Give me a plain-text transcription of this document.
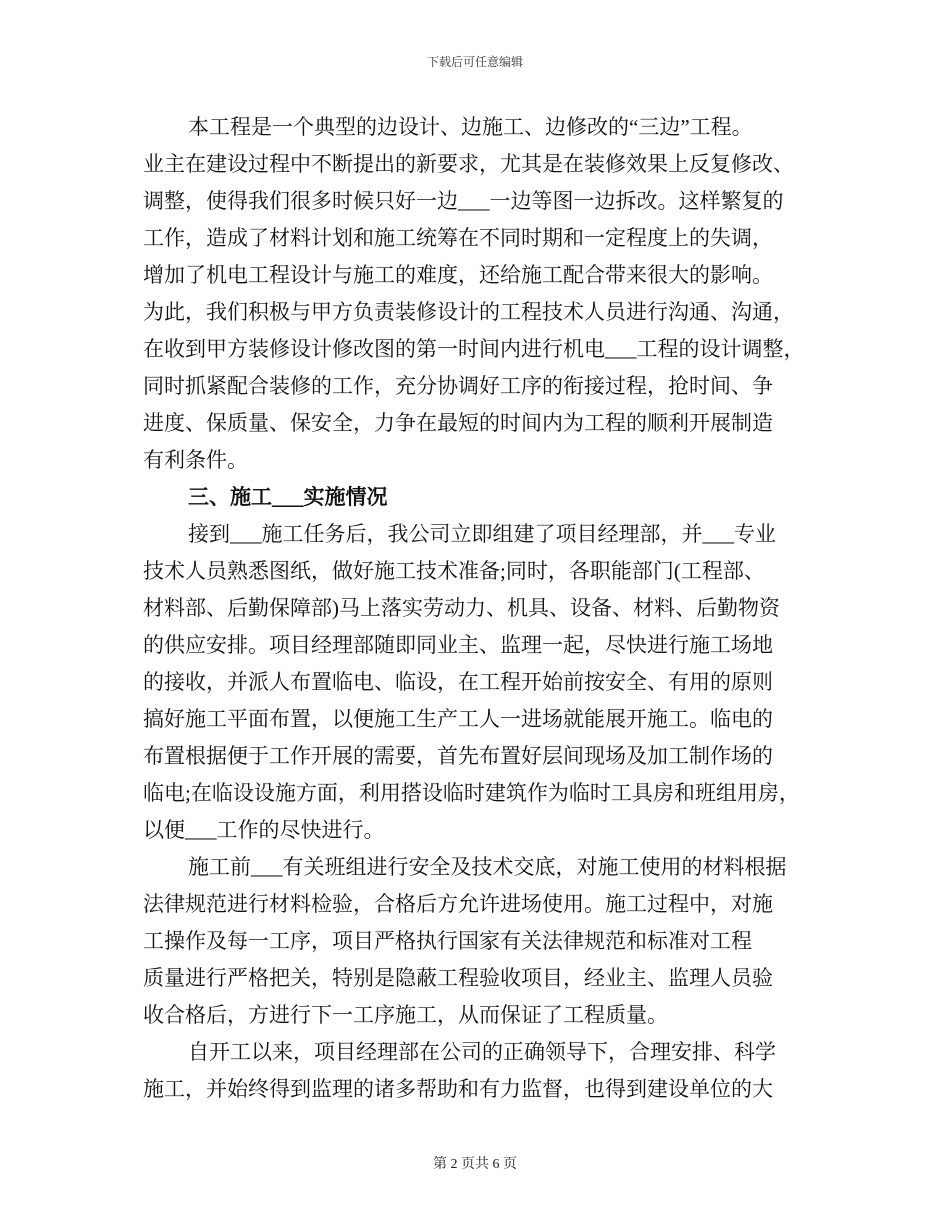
下载后可任意编辑
本工程是一个典型的边设计、边施工、边修改的“三边”工程。
业主在建设过程中不断提出的新要求，尤其是在装修效果上反复修改、
调整，使得我们很多时候只好一边___一边等图一边拆改。这样繁复的
工作，造成了材料计划和施工统筹在不同时期和一定程度上的失调，
增加了机电工程设计与施工的难度，还给施工配合带来很大的影响。
为此，我们积极与甲方负责装修设计的工程技术人员进行沟通、沟通，
在收到甲方装修设计修改图的第一时间内进行机电___工程的设计调整，
同时抓紧配合装修的工作，充分协调好工序的衔接过程，抢时间、争
进度、保质量、保安全，力争在最短的时间内为工程的顺利开展制造
有利条件。
三、施工___实施情况
接到___施工任务后，我公司立即组建了项目经理部，并___专业
技术人员熟悉图纸，做好施工技术准备;同时，各职能部门(工程部、
材料部、后勤保障部)马上落实劳动力、机具、设备、材料、后勤物资
的供应安排。项目经理部随即同业主、监理一起，尽快进行施工场地
的接收，并派人布置临电、临设，在工程开始前按安全、有用的原则
搞好施工平面布置，以便施工生产工人一进场就能展开施工。临电的
布置根据便于工作开展的需要，首先布置好层间现场及加工制作场的
临电;在临设设施方面，利用搭设临时建筑作为临时工具房和班组用房，
以便___工作的尽快进行。
施工前___有关班组进行安全及技术交底，对施工使用的材料根据
法律规范进行材料检验，合格后方允许进场使用。施工过程中，对施
工操作及每一工序，项目严格执行国家有关法律规范和标准对工程
质量进行严格把关，特别是隐蔽工程验收项目，经业主、监理人员验
收合格后，方进行下一工序施工，从而保证了工程质量。
自开工以来，项目经理部在公司的正确领导下，合理安排、科学
施工，并始终得到监理的诸多帮助和有力监督，也得到建设单位的大
第 2 页共 6 页
